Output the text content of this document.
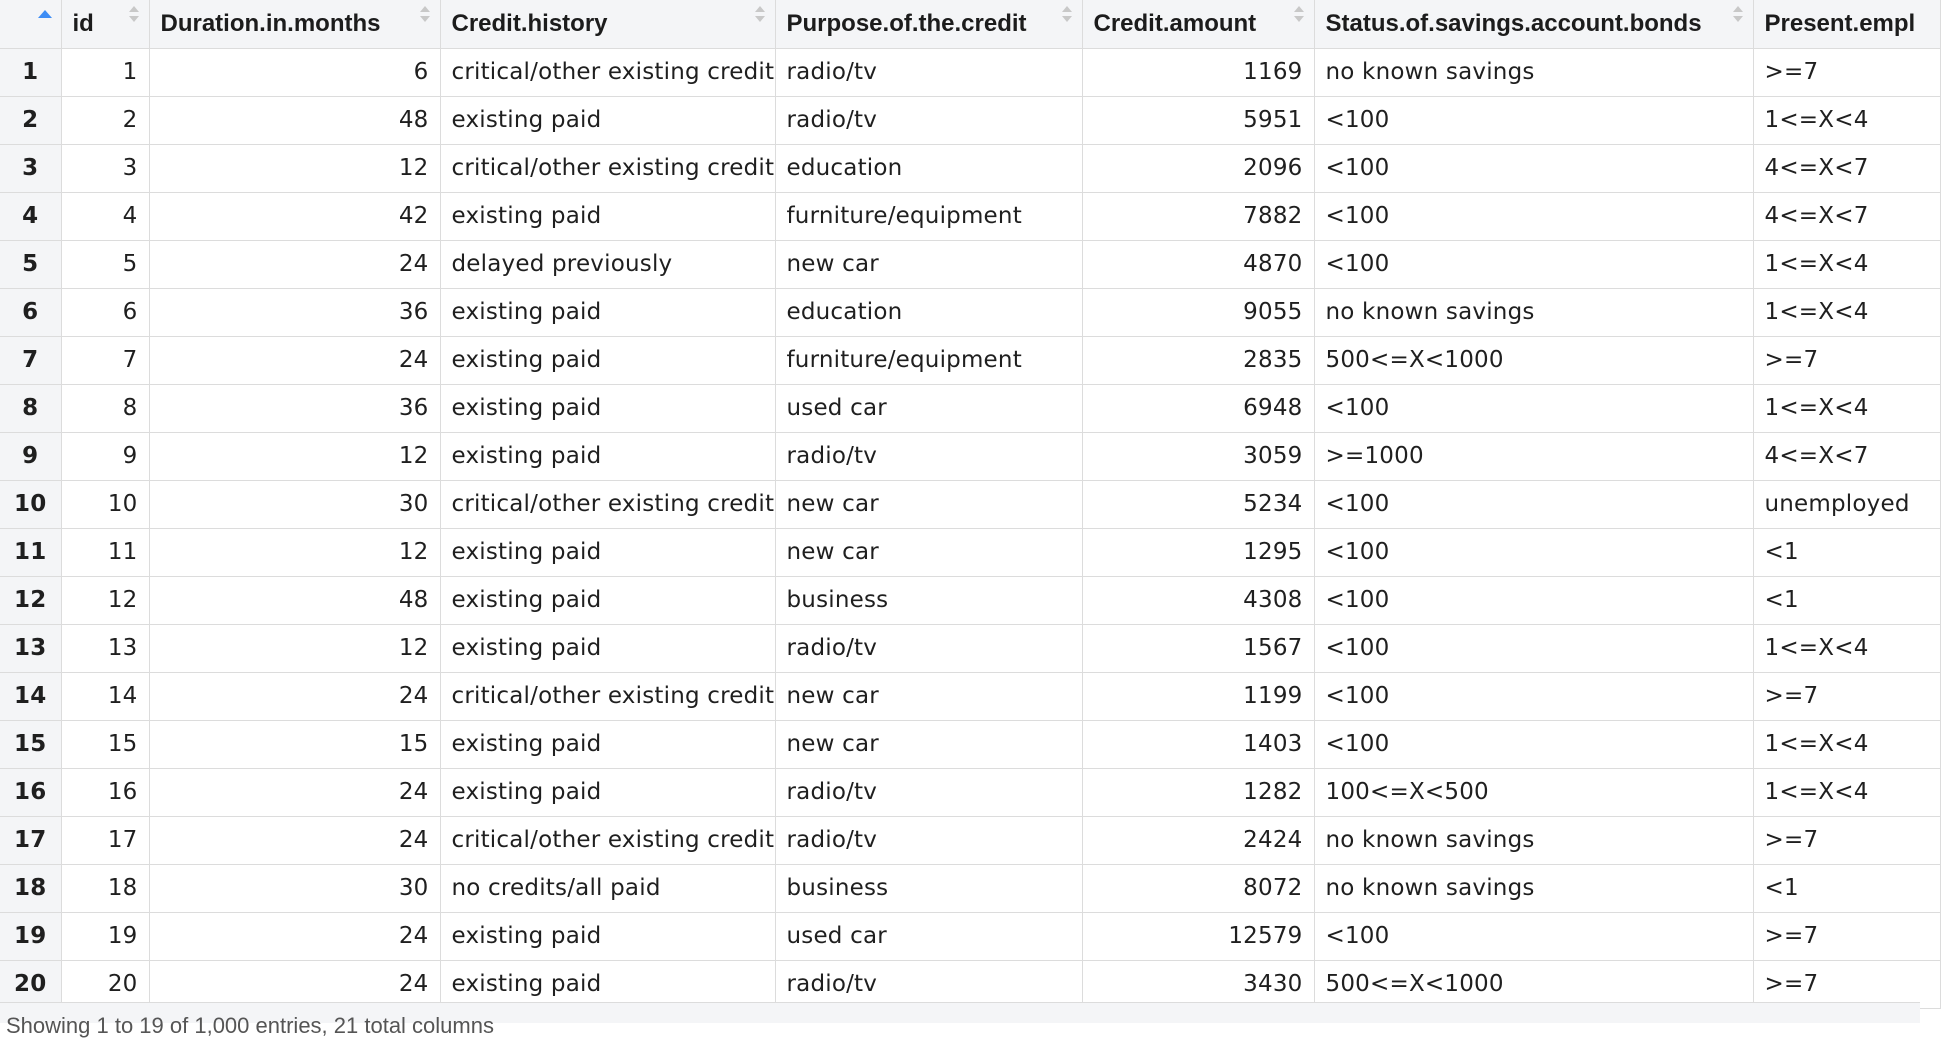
	id	Duration.in.months	Credit.history	Purpose.of.the.credit	Credit.amount	Status.of.savings.account.bonds	Present.empl
1	1	6	critical/other existing credit	radio/tv	1169	no known savings	>=7
2	2	48	existing paid	radio/tv	5951	<100	1<=X<4
3	3	12	critical/other existing credit	education	2096	<100	4<=X<7
4	4	42	existing paid	furniture/equipment	7882	<100	4<=X<7
5	5	24	delayed previously	new car	4870	<100	1<=X<4
6	6	36	existing paid	education	9055	no known savings	1<=X<4
7	7	24	existing paid	furniture/equipment	2835	500<=X<1000	>=7
8	8	36	existing paid	used car	6948	<100	1<=X<4
9	9	12	existing paid	radio/tv	3059	>=1000	4<=X<7
10	10	30	critical/other existing credit	new car	5234	<100	unemployed
11	11	12	existing paid	new car	1295	<100	<1
12	12	48	existing paid	business	4308	<100	<1
13	13	12	existing paid	radio/tv	1567	<100	1<=X<4
14	14	24	critical/other existing credit	new car	1199	<100	>=7
15	15	15	existing paid	new car	1403	<100	1<=X<4
16	16	24	existing paid	radio/tv	1282	100<=X<500	1<=X<4
17	17	24	critical/other existing credit	radio/tv	2424	no known savings	>=7
18	18	30	no credits/all paid	business	8072	no known savings	<1
19	19	24	existing paid	used car	12579	<100	>=7
20	20	24	existing paid	radio/tv	3430	500<=X<1000	>=7
Showing 1 to 19 of 1,000 entries, 21 total columns
